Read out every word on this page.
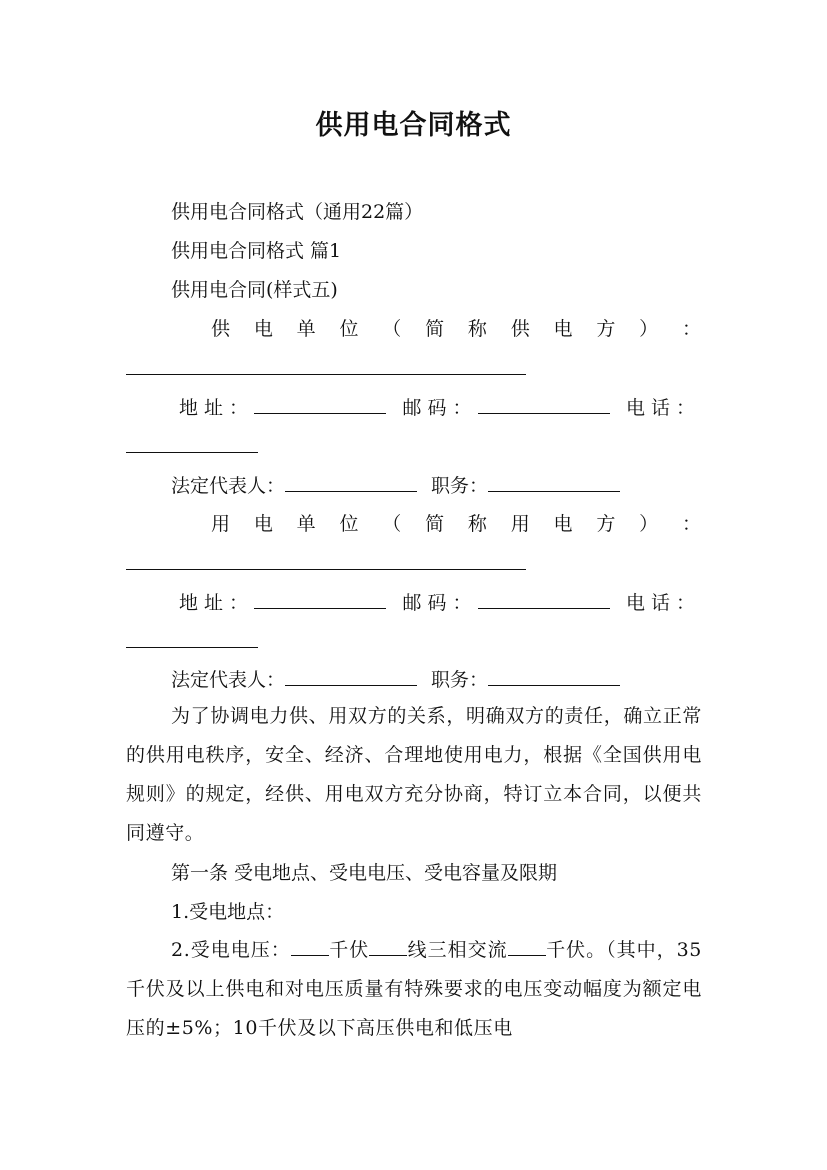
供用电合同格式

供用电合同格式（通用22篇）

供用电合同格式 篇1

供用电合同(样式五)

供 电 单 位 （ 简 称 供 电 方 ） ：
地址：	邮码：	电话：
法定代表人：	职务：
用 电 单 位 （ 简 称 用 电 方 ） ：
地址：	邮码：	电话：
法定代表人：	职务：

为了协调电力供、用双方的关系，明确双方的责任，确立正常的供用电秩序，安全、经济、合理地使用电力，根据《全国供用电规则》的规定，经供、用电双方充分协商，特订立本合同，以便共同遵守。

第一条 受电地点、受电电压、受电容量及限期

1.受电地点：

2.受电电压： 千伏 线三相交流 千伏。（其中，35千伏及以上供电和对电压质量有特殊要求的电压变动幅度为额定电压的±5%；10千伏及以下高压供电和低压电
